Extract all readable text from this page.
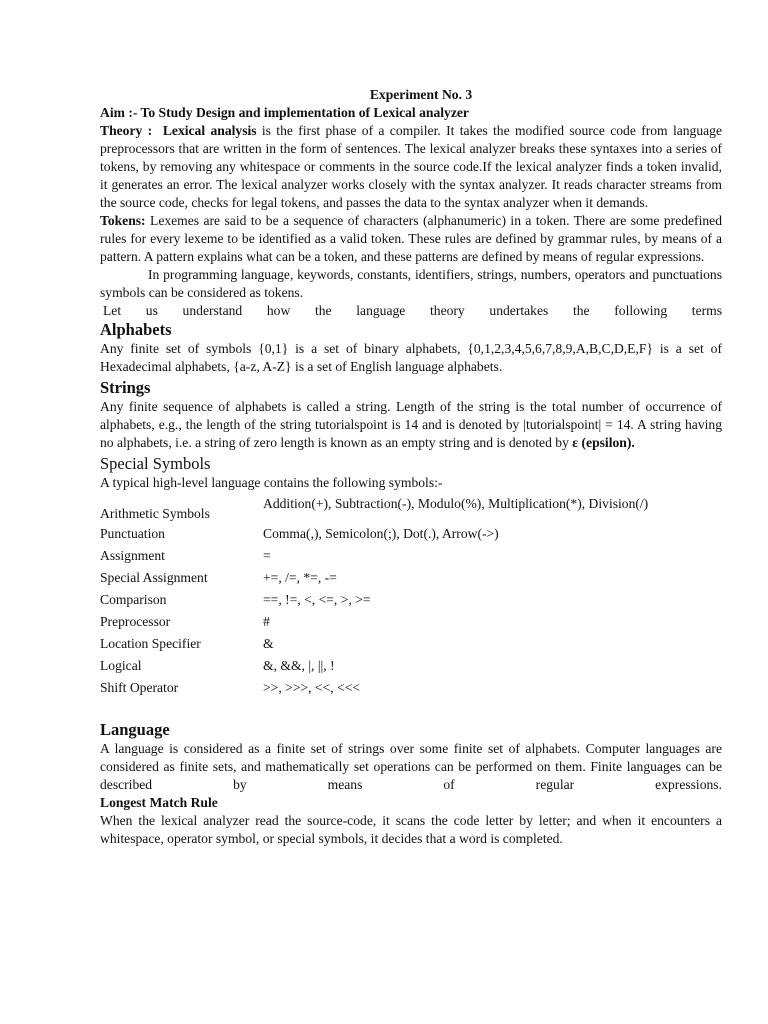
Experiment No. 3

Aim :- To Study Design and implementation of Lexical analyzer

Theory : Lexical analysis is the first phase of a compiler. It takes the modified source code from language preprocessors that are written in the form of sentences. The lexical analyzer breaks these syntaxes into a series of tokens, by removing any whitespace or comments in the source code.If the lexical analyzer finds a token invalid, it generates an error. The lexical analyzer works closely with the syntax analyzer. It reads character streams from the source code, checks for legal tokens, and passes the data to the syntax analyzer when it demands.

Tokens: Lexemes are said to be a sequence of characters (alphanumeric) in a token. There are some predefined rules for every lexeme to be identified as a valid token. These rules are defined by grammar rules, by means of a pattern. A pattern explains what can be a token, and these patterns are defined by means of regular expressions.

In programming language, keywords, constants, identifiers, strings, numbers, operators and punctuations symbols can be considered as tokens.

Let us understand how the language theory undertakes the following terms

Alphabets

Any finite set of symbols {0,1} is a set of binary alphabets, {0,1,2,3,4,5,6,7,8,9,A,B,C,D,E,F} is a set of Hexadecimal alphabets, {a-z, A-Z} is a set of English language alphabets.

Strings

Any finite sequence of alphabets is called a string. Length of the string is the total number of occurrence of alphabets, e.g., the length of the string tutorialspoint is 14 and is denoted by |tutorialspoint| = 14. A string having no alphabets, i.e. a string of zero length is known as an empty string and is denoted by ε (epsilon).

Special Symbols

A typical high-level language contains the following symbols:-

Arithmetic Symbols	Addition(+), Subtraction(-), Modulo(%), Multiplication(*), Division(/)
Punctuation	Comma(,), Semicolon(;), Dot(.), Arrow(->)
Assignment	=
Special Assignment	+=, /=, *=, -=
Comparison	==, !=, <, <=, >, >=
Preprocessor	#
Location Specifier	&
Logical	&, &&, |, ||, !
Shift Operator	>>, >>>, <<, <<<
Language

A language is considered as a finite set of strings over some finite set of alphabets. Computer languages are considered as finite sets, and mathematically set operations can be performed on them. Finite languages can be described by means of regular expressions.

Longest Match Rule

When the lexical analyzer read the source-code, it scans the code letter by letter; and when it encounters a whitespace, operator symbol, or special symbols, it decides that a word is completed.
